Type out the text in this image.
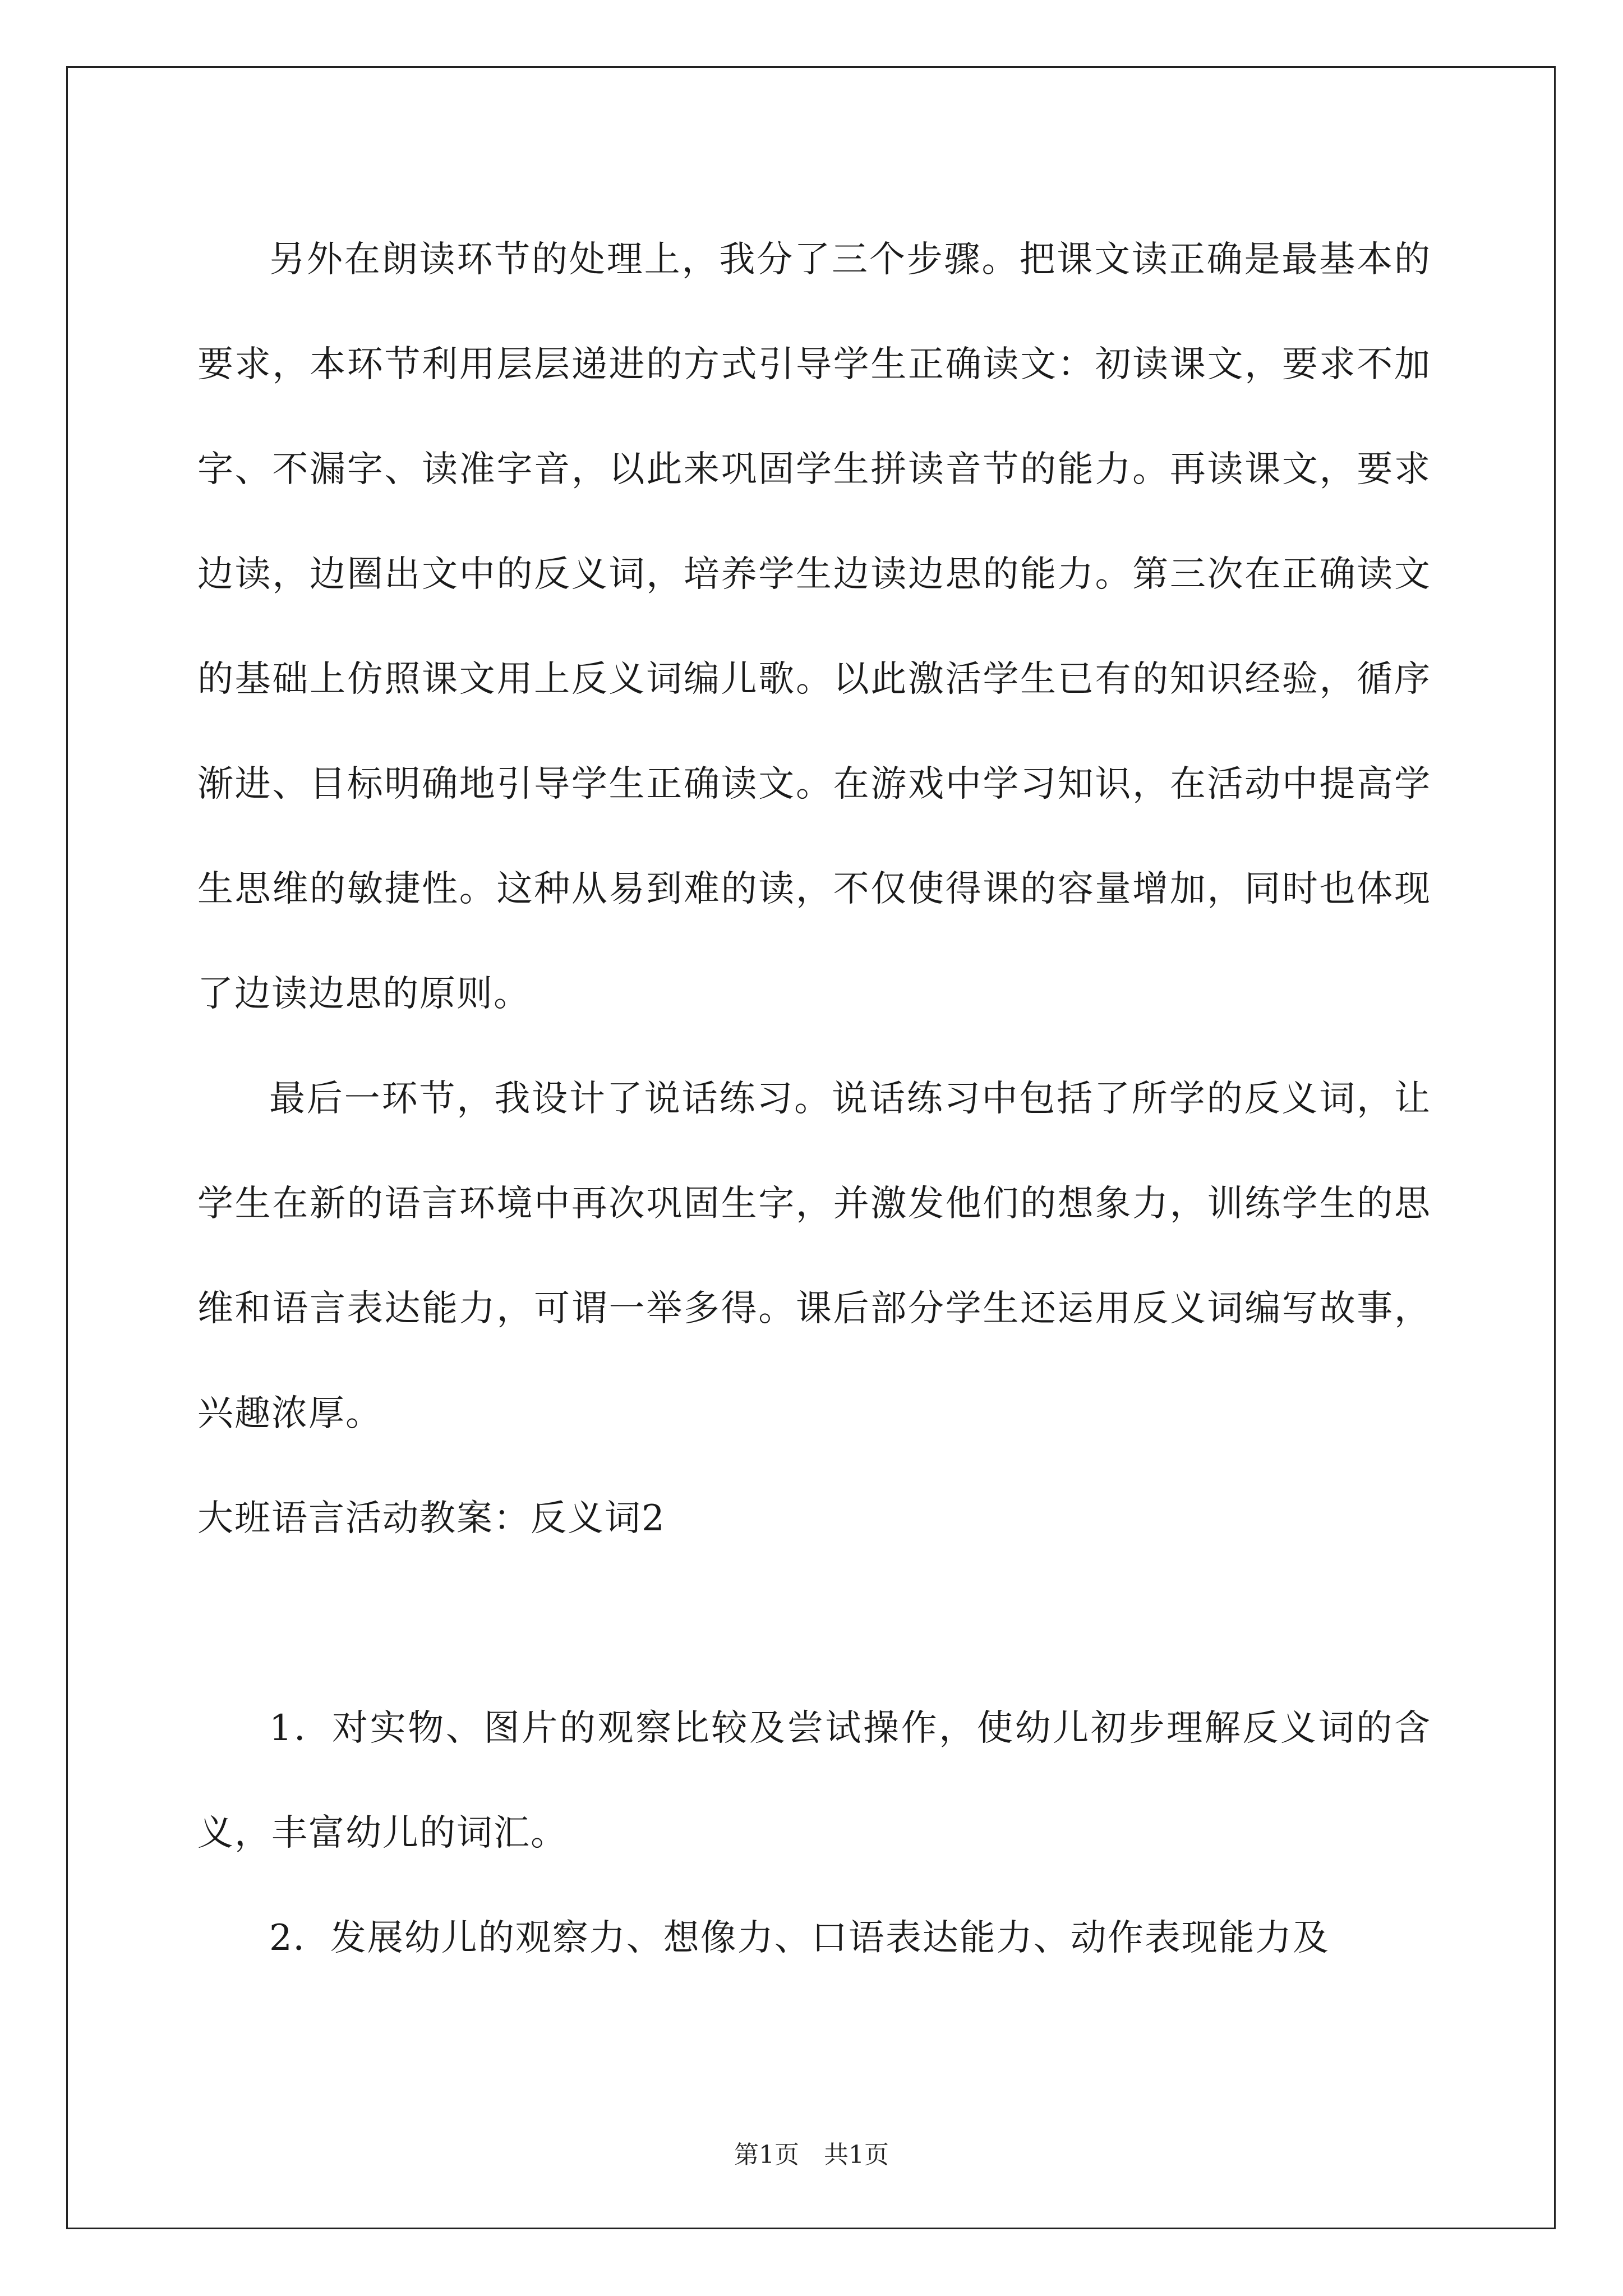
另外在朗读环节的处理上，我分了三个步骤。把课文读正确是最基本的要求，本环节利用层层递进的方式引导学生正确读文：初读课文，要求不加字、不漏字、读准字音，以此来巩固学生拼读音节的能力。再读课文，要求边读，边圈出文中的反义词，培养学生边读边思的能力。第三次在正确读文的基础上仿照课文用上反义词编儿歌。以此激活学生已有的知识经验，循序渐进、目标明确地引导学生正确读文。在游戏中学习知识，在活动中提高学生思维的敏捷性。这种从易到难的读，不仅使得课的容量增加，同时也体现了边读边思的原则。

最后一环节，我设计了说话练习。说话练习中包括了所学的反义词，让学生在新的语言环境中再次巩固生字，并激发他们的想象力，训练学生的思维和语言表达能力，可谓一举多得。课后部分学生还运用反义词编写故事，兴趣浓厚。

大班语言活动教案：反义词2

1．对实物、图片的观察比较及尝试操作，使幼儿初步理解反义词的含义，丰富幼儿的词汇。

2．发展幼儿的观察力、想像力、口语表达能力、动作表现能力及

第1页　共1页
